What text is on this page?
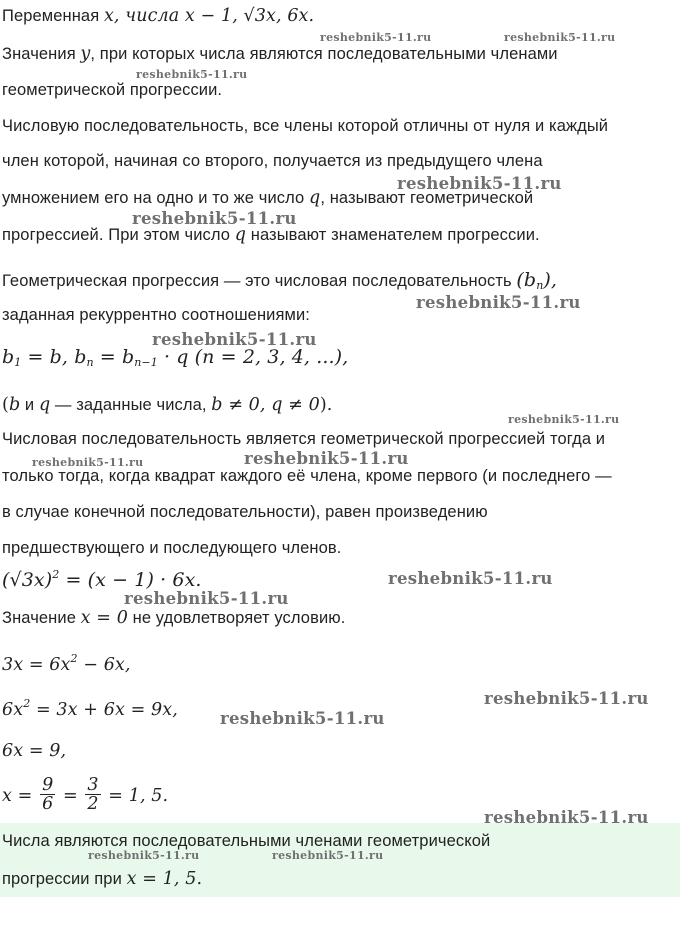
Переменная x, числа x − 1, √3x, 6x.
Значения y, при которых числа являются последовательными членами
геометрической прогрессии.
Числовую последовательность, все члены которой отличны от нуля и каждый
член которой, начиная со второго, получается из предыдущего члена
умножением его на одно и то же число q, называют геометрической
прогрессией. При этом число q называют знаменателем прогрессии.
Геометрическая прогрессия — это числовая последовательность $(b_n)$,
заданная рекуррентно соотношениями:
$b_1 = b$, $b_n = b_{n-1} \cdot q$ (n = 2, 3, 4, ...),
(b и q — заданные числа, b ≠ 0, q ≠ 0).
Числовая последовательность является геометрической прогрессией тогда и
только тогда, когда квадрат каждого её члена, кроме первого (и последнего —
в случае конечной последовательности), равен произведению
предшествующего и последующего членов.
$(√3x)^2 = (x - 1) \cdot 6x$.
Значение x = 0 не удовлетворяет условию.
$3x = 6x^2 - 6x$,
$6x^2 = 3x + 6x = 9x$,
6x = 9,
$x = \frac{9}{6} = \frac{3}{2} = 1$, 5.
Числа являются последовательными членами геометрической
прогрессии при x = 1, 5.
reshebnik5-11.ru	reshebnik5-11.ru
reshebnik5-11.ru
reshebnik5-11.ru
reshebnik5-11.ru
reshebnik5-11.ru
reshebnik5-11.ru
reshebnik5-11.ru
reshebnik5-11.ru	reshebnik5-11.ru
reshebnik5-11.ru
reshebnik5-11.ru
reshebnik5-11.ru
reshebnik5-11.ru
reshebnik5-11.ru
reshebnik5-11.ru	reshebnik5-11.ru
